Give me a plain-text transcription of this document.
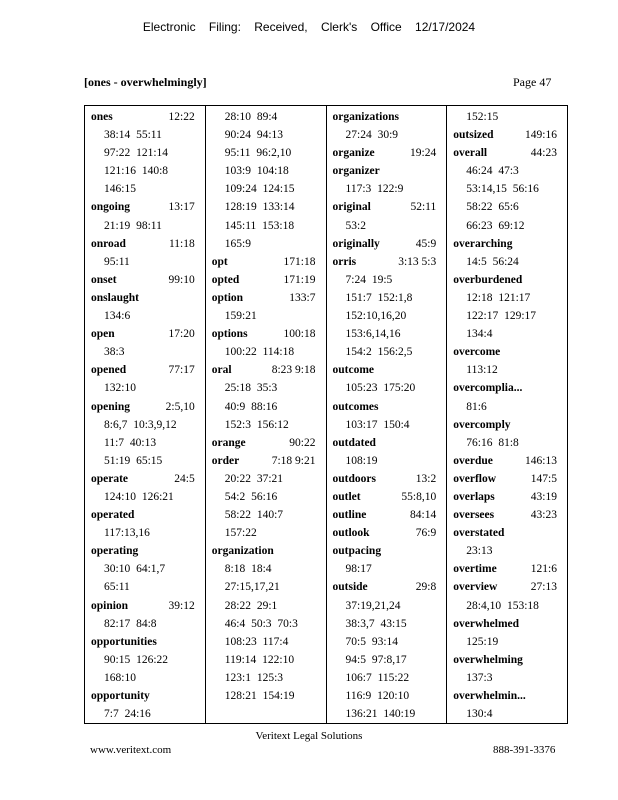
Electronic Filing: Received, Clerk's Office 12/17/2024
[ones - overwhelmingly]	Page 47
ones	12:22
38:14 55:11
97:22 121:14
121:16 140:8
146:15
ongoing	13:17
21:19 98:11
onroad	11:18
95:11
onset	99:10
onslaught

134:6
open	17:20
38:3
opened	77:17
132:10
opening	2:5,10
8:6,7 10:3,9,12
11:7 40:13
51:19 65:15
operate	24:5
124:10 126:21
operated

117:13,16
operating

30:10 64:1,7
65:11
opinion	39:12
82:17 84:8
opportunities

90:15 126:22
168:10
opportunity

7:7 24:16
28:10 89:4
90:24 94:13
95:11 96:2,10
103:9 104:18
109:24 124:15
128:19 133:14
145:11 153:18
165:9
opt	171:18
opted	171:19
option	133:7
159:21
options	100:18
100:22 114:18
oral	8:23 9:18
25:18 35:3
40:9 88:16
152:3 156:12
orange	90:22
order	7:18 9:21
20:22 37:21
54:2 56:16
58:22 140:7
157:22
organization

8:18 18:4
27:15,17,21
28:22 29:1
46:4 50:3 70:3
108:23 117:4
119:14 122:10
123:1 125:3
128:21 154:19
organizations

27:24 30:9
organize	19:24
organizer

117:3 122:9
original	52:11
53:2
originally	45:9
orris	3:13 5:3
7:24 19:5
151:7 152:1,8
152:10,16,20
153:6,14,16
154:2 156:2,5
outcome

105:23 175:20
outcomes

103:17 150:4
outdated

108:19
outdoors	13:2
outlet	55:8,10
outline	84:14
outlook	76:9
outpacing

98:17
outside	29:8
37:19,21,24
38:3,7 43:15
70:5 93:14
94:5 97:8,17
106:7 115:22
116:9 120:10
136:21 140:19
152:15
outsized	149:16
overall	44:23
46:24 47:3
53:14,15 56:16
58:22 65:6
66:23 69:12
overarching

14:5 56:24
overburdened

12:18 121:17
122:17 129:17
134:4
overcome

113:12
overcomplia...

81:6
overcomply

76:16 81:8
overdue	146:13
overflow	147:5
overlaps	43:19
oversees	43:23
overstated

23:13
overtime	121:6
overview	27:13
28:4,10 153:18
overwhelmed

125:19
overwhelming

137:3
overwhelmin...

130:4
Veritext Legal Solutions
www.veritext.com	888-391-3376
